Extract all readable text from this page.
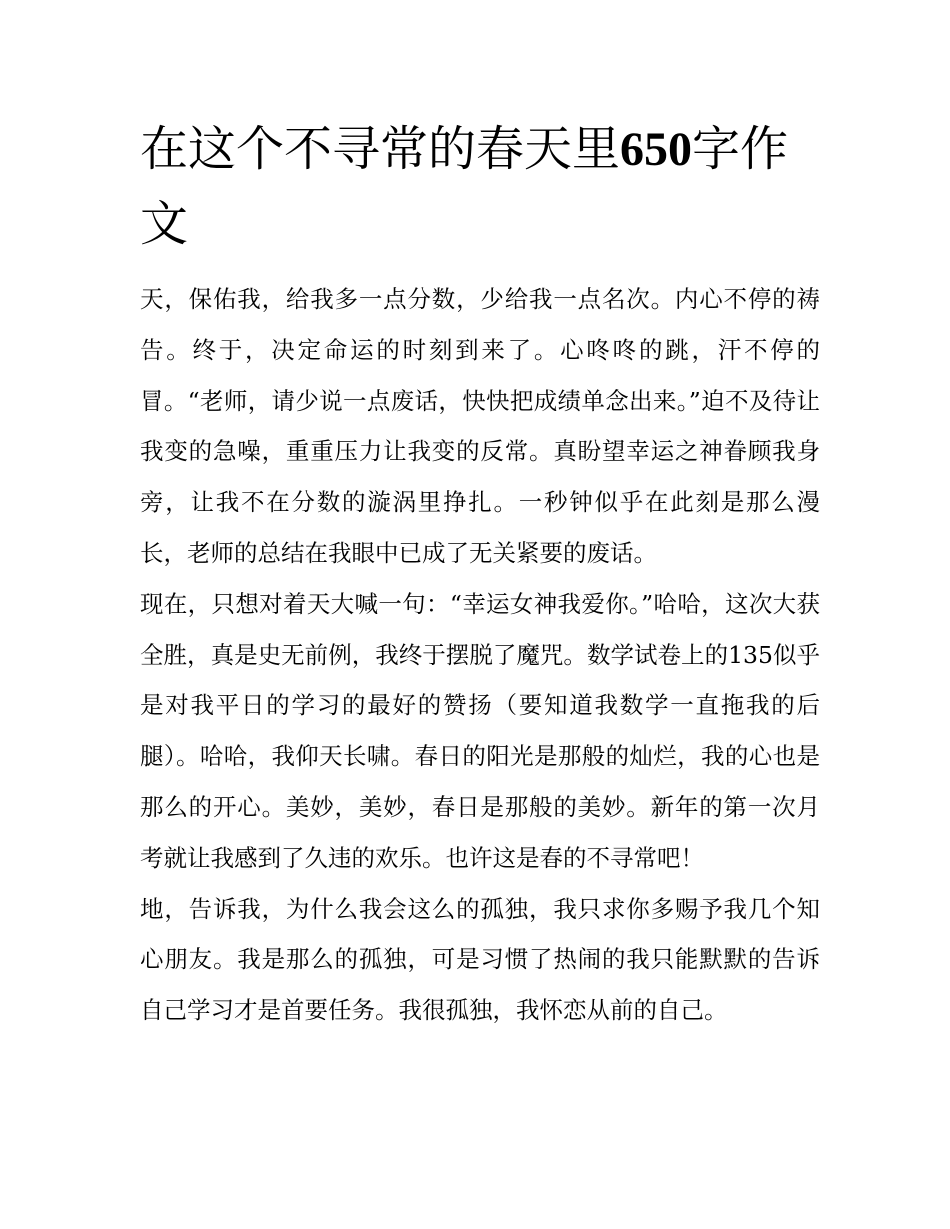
在这个不寻常的春天里650字作文

天，保佑我，给我多一点分数，少给我一点名次。内心不停的祷告。终于，决定命运的时刻到来了。心咚咚的跳，汗不停的冒。“老师，请少说一点废话，快快把成绩单念出来。”迫不及待让我变的急噪，重重压力让我变的反常。真盼望幸运之神眷顾我身旁，让我不在分数的漩涡里挣扎。一秒钟似乎在此刻是那么漫长，老师的总结在我眼中已成了无关紧要的废话。

现在，只想对着天大喊一句：“幸运女神我爱你。”哈哈，这次大获全胜，真是史无前例，我终于摆脱了魔咒。数学试卷上的135似乎是对我平日的学习的最好的赞扬（要知道我数学一直拖我的后腿）。哈哈，我仰天长啸。春日的阳光是那般的灿烂，我的心也是那么的开心。美妙，美妙，春日是那般的美妙。新年的第一次月考就让我感到了久违的欢乐。也许这是春的不寻常吧！

地，告诉我，为什么我会这么的孤独，我只求你多赐予我几个知心朋友。我是那么的孤独，可是习惯了热闹的我只能默默的告诉自己学习才是首要任务。我很孤独，我怀恋从前的自己。
